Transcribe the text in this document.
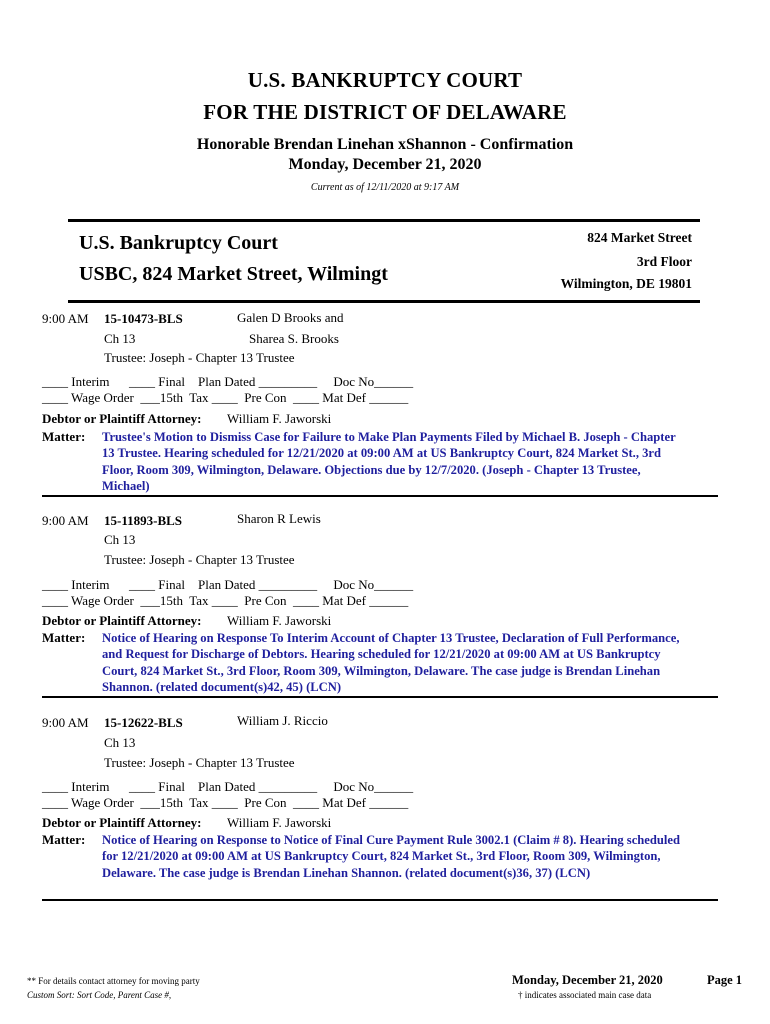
U.S. BANKRUPTCY COURT
FOR THE DISTRICT OF DELAWARE
Honorable Brendan Linehan xShannon - Confirmation
Monday, December 21, 2020
Current as of 12/11/2020 at 9:17 AM
U.S. Bankruptcy Court
USBC, 824 Market Street, Wilmingt
824 Market Street
3rd Floor
Wilmington, DE 19801
9:00 AM 15-10473-BLS	Galen D Brooks and
Sharea S. Brooks
Ch 13
Trustee: Joseph - Chapter 13 Trustee
____ Interim      ____ Final    Plan Dated _________     Doc No______
____ Wage Order  ___15th  Tax ____  Pre Con  ____ Mat Def ______
Debtor or Plaintiff Attorney: William F. Jaworski
Matter: Trustee's Motion to Dismiss Case for Failure to Make Plan Payments Filed by Michael B. Joseph - Chapter 13 Trustee. Hearing scheduled for 12/21/2020 at 09:00 AM at US Bankruptcy Court, 824 Market St., 3rd Floor, Room 309, Wilmington, Delaware. Objections due by 12/7/2020. (Joseph - Chapter 13 Trustee, Michael)
9:00 AM 15-11893-BLS	Sharon R Lewis
Ch 13
Trustee: Joseph - Chapter 13 Trustee
____ Interim      ____ Final    Plan Dated _________     Doc No______
____ Wage Order  ___15th  Tax ____  Pre Con  ____ Mat Def ______
Debtor or Plaintiff Attorney: William F. Jaworski
Matter: Notice of Hearing on Response To Interim Account of Chapter 13 Trustee, Declaration of Full Performance, and Request for Discharge of Debtors. Hearing scheduled for 12/21/2020 at 09:00 AM at US Bankruptcy Court, 824 Market St., 3rd Floor, Room 309, Wilmington, Delaware. The case judge is Brendan Linehan Shannon. (related document(s)42, 45) (LCN)
9:00 AM 15-12622-BLS	William J. Riccio
Ch 13
Trustee: Joseph - Chapter 13 Trustee
____ Interim      ____ Final    Plan Dated _________     Doc No______
____ Wage Order  ___15th  Tax ____  Pre Con  ____ Mat Def ______
Debtor or Plaintiff Attorney: William F. Jaworski
Matter: Notice of Hearing on Response to Notice of Final Cure Payment Rule 3002.1 (Claim # 8). Hearing scheduled for 12/21/2020 at 09:00 AM at US Bankruptcy Court, 824 Market St., 3rd Floor, Room 309, Wilmington, Delaware. The case judge is Brendan Linehan Shannon. (related document(s)36, 37) (LCN)
** For details contact attorney for moving party
Custom Sort: Sort Code, Parent Case #,
Monday, December 21, 2020
† indicates associated main case data
Page 1
